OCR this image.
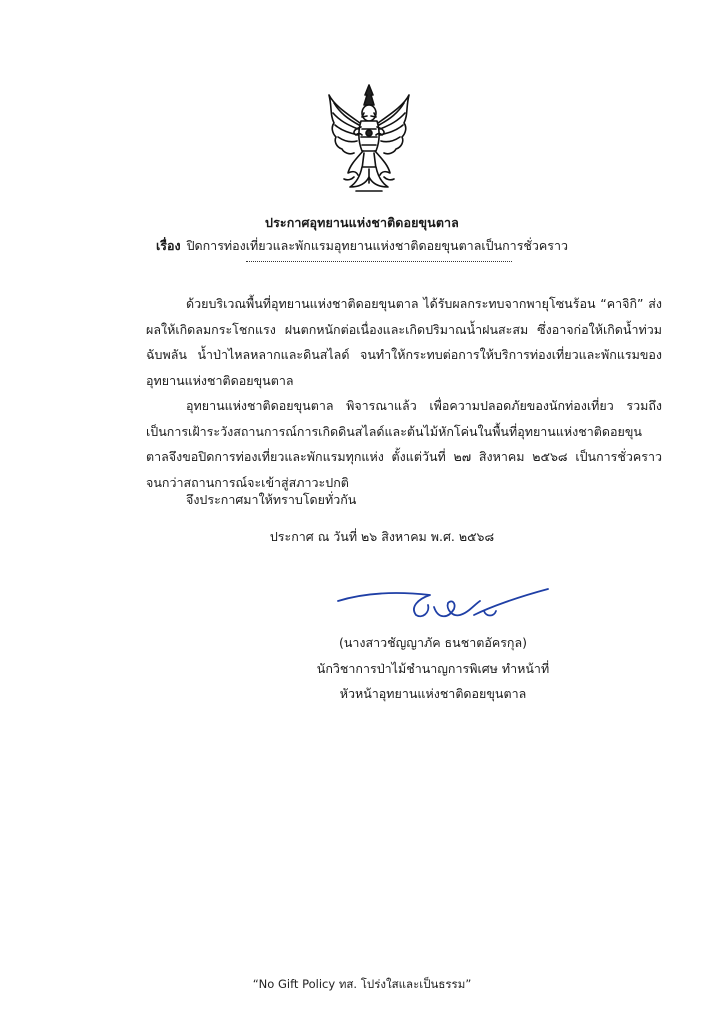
ประกาศอุทยานแห่งชาติดอยขุนตาล
เรื่อง ปิดการท่องเที่ยวและพักแรมอุทยานแห่งชาติดอยขุนตาลเป็นการชั่วคราว

ด้วยบริเวณพื้นที่อุทยานแห่งชาติดอยขุนตาล ได้รับผลกระทบจากพายุโซนร้อน “คาจิกิ” ส่งผลให้เกิดลมกระโชกแรง ฝนตกหนักต่อเนื่องและเกิดปริมาณน้ำฝนสะสม ซึ่งอาจก่อให้เกิดน้ำท่วมฉับพลัน น้ำป่าไหลหลากและดินสไลด์ จนทำให้กระทบต่อการให้บริการท่องเที่ยวและพักแรมของอุทยานแห่งชาติดอยขุนตาล

อุทยานแห่งชาติดอยขุนตาล พิจารณาแล้ว เพื่อความปลอดภัยของนักท่องเที่ยว รวมถึงเป็นการเฝ้าระวังสถานการณ์การเกิดดินสไลด์และต้นไม้หักโค่นในพื้นที่อุทยานแห่งชาติดอยขุนตาลจึงขอปิดการท่องเที่ยวและพักแรมทุกแห่ง ตั้งแต่วันที่ ๒๗ สิงหาคม ๒๕๖๘ เป็นการชั่วคราวจนกว่าสถานการณ์จะเข้าสู่สภาวะปกติ

จึงประกาศมาให้ทราบโดยทั่วกัน

ประกาศ ณ วันที่ ๒๖ สิงหาคม พ.ศ. ๒๕๖๘

(นางสาวชัญญาภัค ธนชาตอัครกุล)

นักวิชาการป่าไม้ชำนาญการพิเศษ ทำหน้าที่

หัวหน้าอุทยานแห่งชาติดอยขุนตาล

“No Gift Policy ทส. โปร่งใสและเป็นธรรม”
